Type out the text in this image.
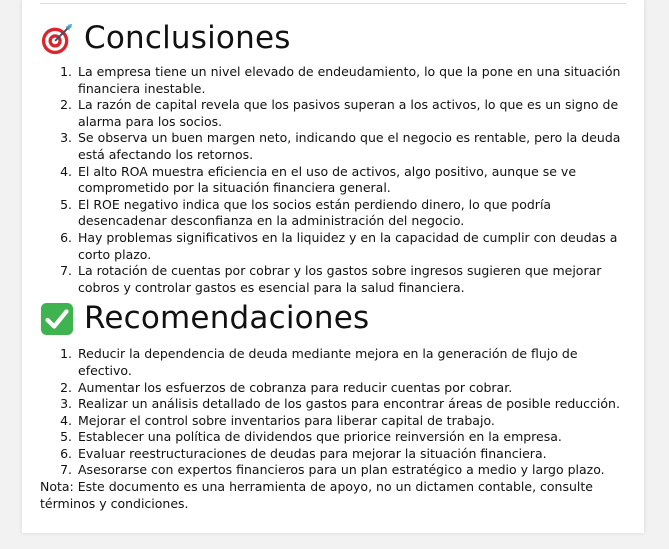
Conclusiones
1. La empresa tiene un nivel elevado de endeudamiento, lo que la pone en una situación financiera inestable.
2. La razón de capital revela que los pasivos superan a los activos, lo que es un signo de alarma para los socios.
3. Se observa un buen margen neto, indicando que el negocio es rentable, pero la deuda está afectando los retornos.
4. El alto ROA muestra eficiencia en el uso de activos, algo positivo, aunque se ve comprometido por la situación financiera general.
5. El ROE negativo indica que los socios están perdiendo dinero, lo que podría desencadenar desconfianza en la administración del negocio.
6. Hay problemas significativos en la liquidez y en la capacidad de cumplir con deudas a corto plazo.
7. La rotación de cuentas por cobrar y los gastos sobre ingresos sugieren que mejorar cobros y controlar gastos es esencial para la salud financiera.
Recomendaciones
1. Reducir la dependencia de deuda mediante mejora en la generación de flujo de efectivo.
2. Aumentar los esfuerzos de cobranza para reducir cuentas por cobrar.
3. Realizar un análisis detallado de los gastos para encontrar áreas de posible reducción.
4. Mejorar el control sobre inventarios para liberar capital de trabajo.
5. Establecer una política de dividendos que priorice reinversión en la empresa.
6. Evaluar reestructuraciones de deudas para mejorar la situación financiera.
7. Asesorarse con expertos financieros para un plan estratégico a medio y largo plazo.

Nota: Este documento es una herramienta de apoyo, no un dictamen contable, consulte términos y condiciones.
